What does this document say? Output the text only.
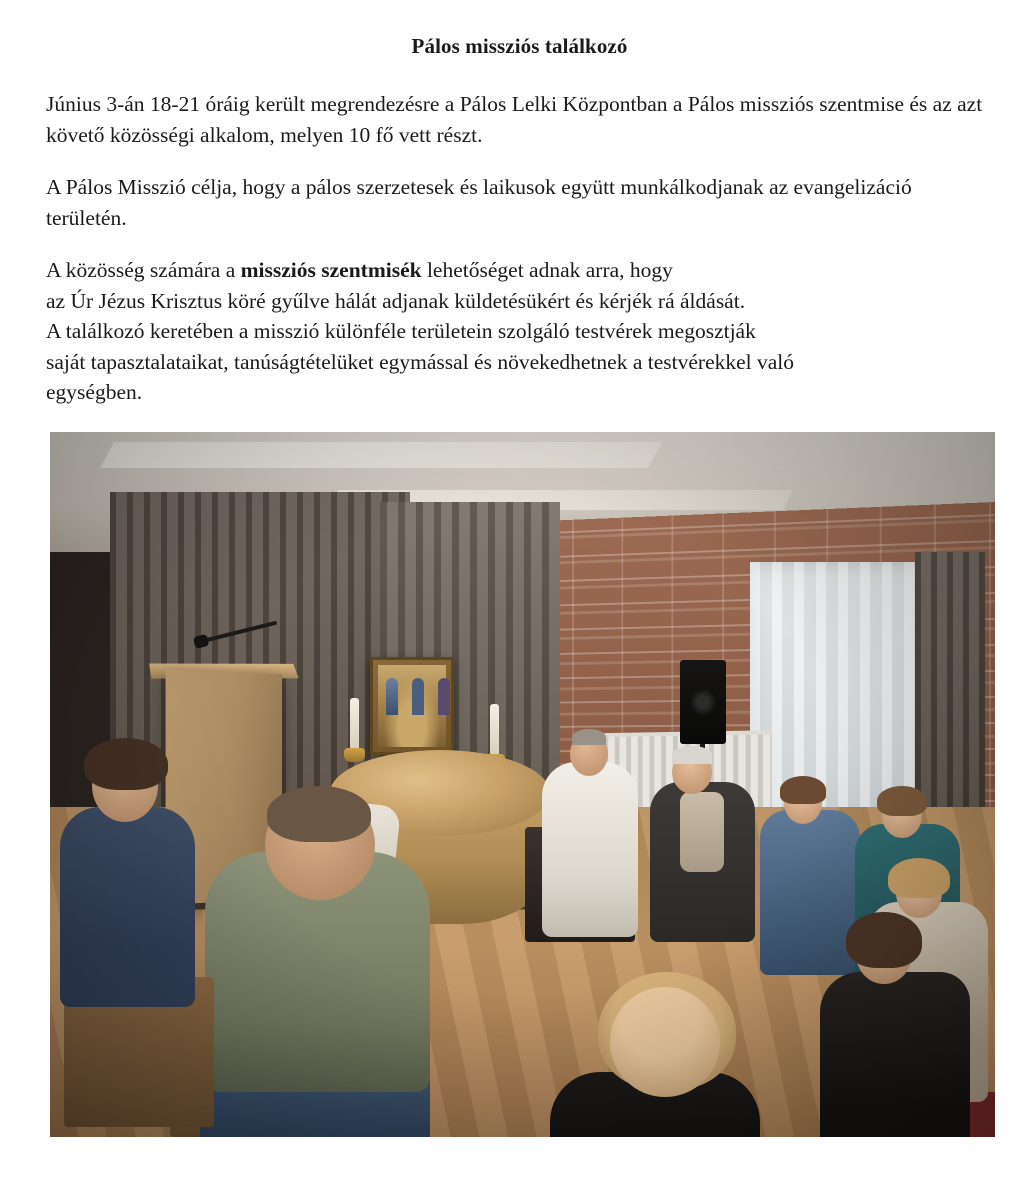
Pálos missziós találkozó

Június 3-án 18-21 óráig került megrendezésre a Pálos Lelki Központban a Pálos missziós szentmise és az azt követő közösségi alkalom, melyen 10 fő vett részt.

A Pálos Misszió célja, hogy a pálos szerzetesek és laikusok együtt munkálkodjanak az evangelizáció területén.

A közösség számára a missziós szentmisék lehetőséget adnak arra, hogy

az Úr Jézus Krisztus köré gyűlve hálát adjanak küldetésükért és kérjék rá áldását.

A találkozó keretében a misszió különféle területein szolgáló testvérek megosztják

saját tapasztalataikat, tanúságtételüket egymással és növekedhetnek a testvérekkel való

egységben.
